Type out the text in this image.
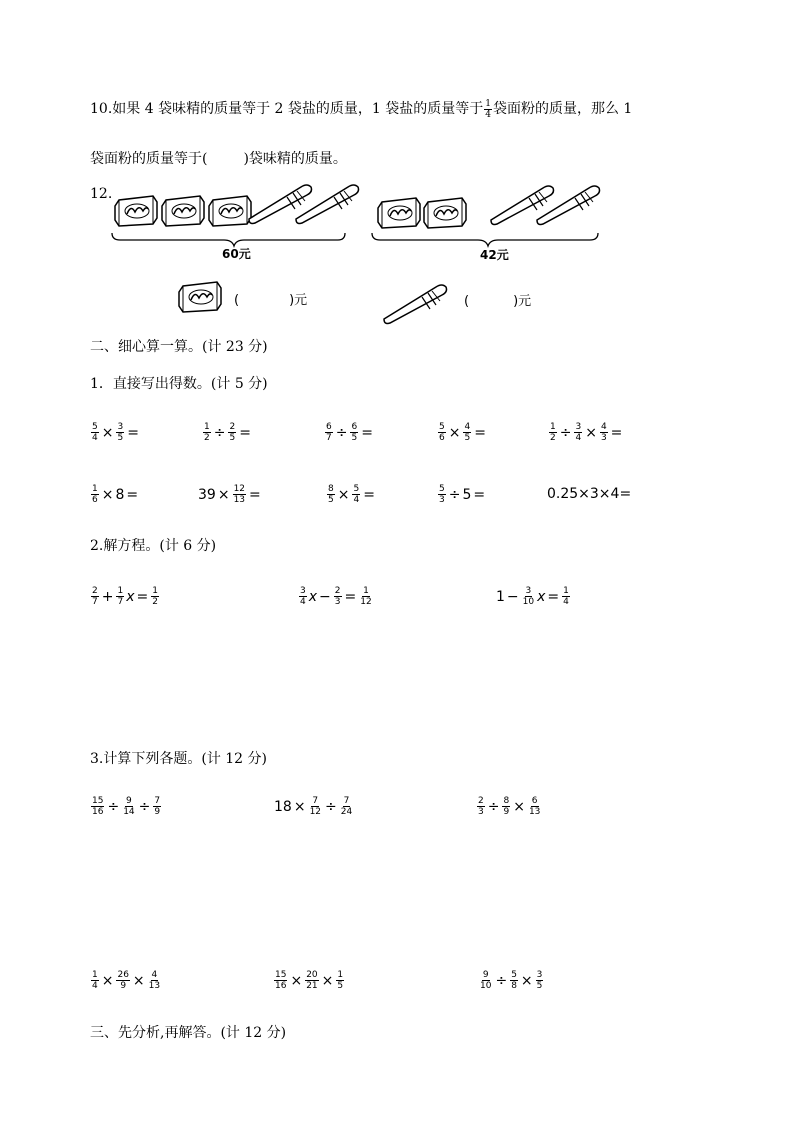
10.如果 4 袋味精的质量等于 2 袋盐的质量，1 袋盐的质量等于 $\frac{1}{4}$ 袋面粉的质量，那么 1
袋面粉的质量等于(	)袋味精的质量。
12.
60元	42元
(	)元	(	)元
二、细心算一算。(计 23 分)
1．直接写出得数。(计 5 分)
$\frac{5}{4} \times \frac{3}{5}$ =	$\frac{1}{2} \div \frac{2}{5}$ =	$\frac{6}{7} \div \frac{6}{5}$ =	$\frac{5}{6} \times \frac{4}{5}$ =	$\frac{1}{2} \div \frac{3}{4} \times \frac{4}{3}$ =
$\frac{1}{6} \times 8$ =	$39 \times \frac{12}{13}$ =	$\frac{8}{5} \times \frac{5}{4}$ =	$\frac{5}{3} \div 5$ =	0.25×3×4=
2.解方程。(计 6 分)
$\frac{2}{7} + \frac{1}{7}$ $x = \frac{1}{2}$	$\frac{3}{4}$ $x - \frac{2}{3} = \frac{1}{12}$	$1 - \frac{3}{10}$ $x = \frac{1}{4}$
3.计算下列各题。(计 12 分)
$\frac{15}{16} \div \frac{9}{14} \div \frac{7}{9}$	$18 \times \frac{7}{12} \div \frac{7}{24}$	$\frac{2}{3} \div \frac{8}{9} \times \frac{6}{13}$
$\frac{1}{4} \times \frac{26}{9} \times \frac{4}{13}$	$\frac{15}{16} \times \frac{20}{21} \times \frac{1}{5}$	$\frac{9}{10} \div \frac{5}{8} \times \frac{3}{5}$
三、先分析,再解答。(计 12 分)
